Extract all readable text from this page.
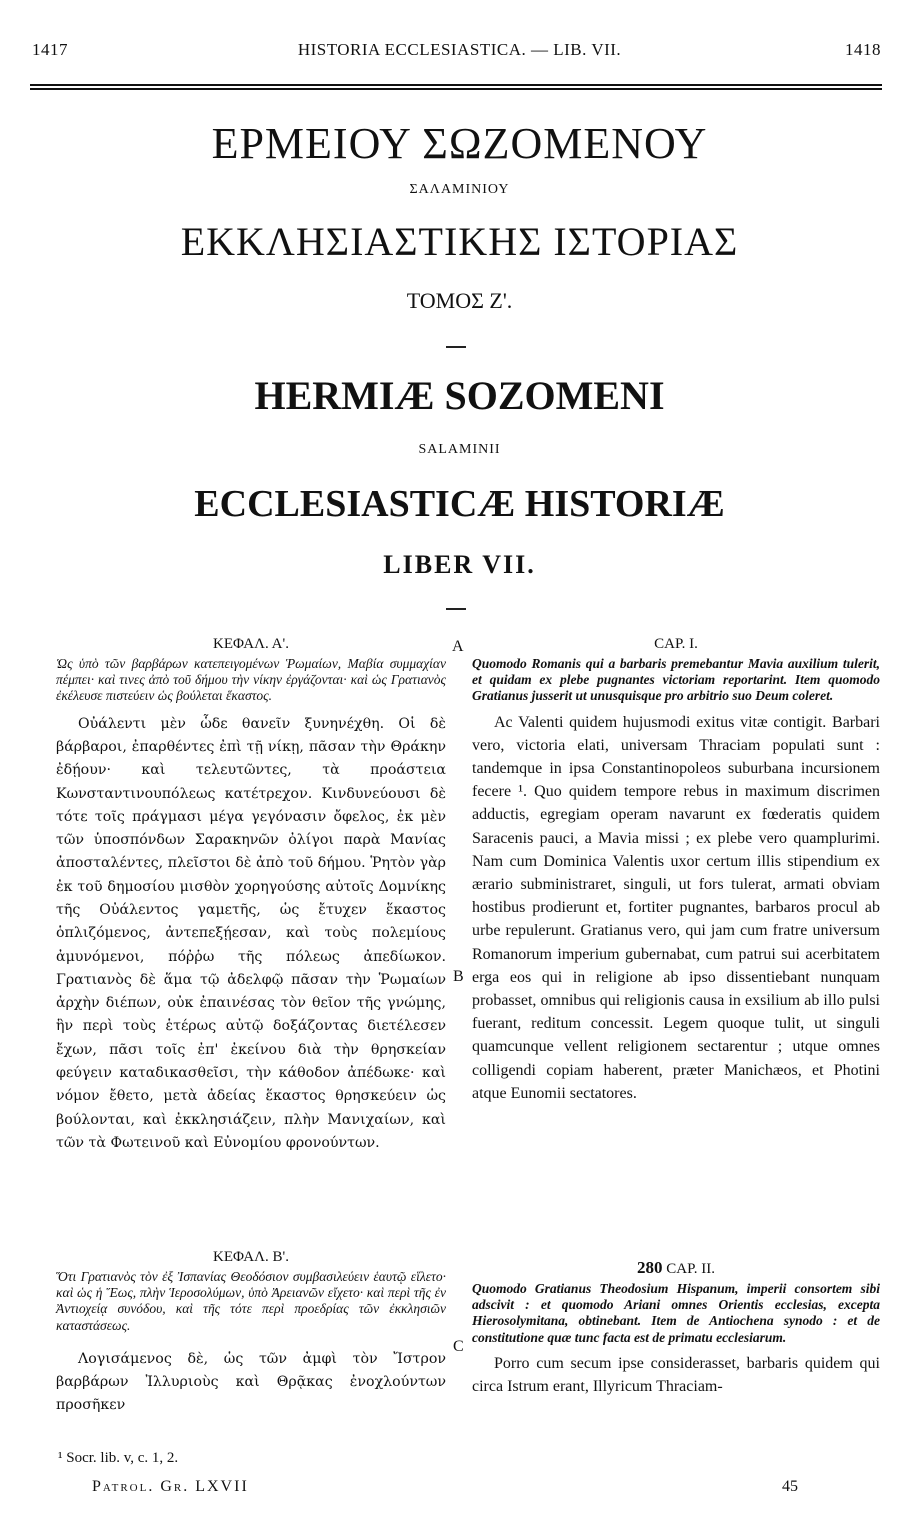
1417	HISTORIA ECCLESIASTICA. — LIB. VII.	1418
ΕΡΜΕΙΟΥ ΣΩΖΟΜΕΝΟΥ
ΣΑΛΑΜΙΝΙΟΥ
ΕΚΚΛΗΣΙΑΣΤΙΚΗΣ ΙΣΤΟΡΙΑΣ
ΤΟΜΟΣ Ζ'.
HERMIÆ SOZOMENI
SALAMINII
ECCLESIASTICÆ HISTORIÆ
LIBER VII.
A
B
C
ΚΕΦΑΛ. Α'.
Ὡς ὑπὸ τῶν βαρβάρων κατεπειγομένων Ῥωμαίων, Μαβία συμμαχίαν πέμπει· καὶ τινες ἀπὸ τοῦ δήμου τὴν νίκην ἐργάζονται· καὶ ὡς Γρατιανὸς ἐκέλευσε πιστεύειν ὡς βούλεται ἕκαστος.

Οὐάλεντι μὲν ὧδε θανεῖν ξυνηνέχθη. Οἱ δὲ βάρβαροι, ἐπαρθέντες ἐπὶ τῇ νίκῃ, πᾶσαν τὴν Θράκην ἐδῄουν· καὶ τελευτῶντες, τὰ προάστεια Κωνσταντινουπόλεως κατέτρεχον. Κινδυνεύουσι δὲ τότε τοῖς πράγμασι μέγα γεγόνασιν ὄφελος, ἐκ μὲν τῶν ὑποσπόνδων Σαρακηνῶν ὀλίγοι παρὰ Μανίας ἀποσταλέντες, πλεῖστοι δὲ ἀπὸ τοῦ δήμου. Ῥητὸν γὰρ ἐκ τοῦ δημοσίου μισθὸν χορηγούσης αὐτοῖς Δομνίκης τῆς Οὐάλεντος γαμετῆς, ὡς ἔτυχεν ἕκαστος ὁπλιζόμενος, ἀντεπεξῄεσαν, καὶ τοὺς πολεμίους ἀμυνόμενοι, πόῤῥω τῆς πόλεως ἀπεδίωκον. Γρατιανὸς δὲ ἅμα τῷ ἀδελφῷ πᾶσαν τὴν Ῥωμαίων ἀρχὴν διέπων, οὐκ ἐπαινέσας τὸν θεῖον τῆς γνώμης, ἣν περὶ τοὺς ἑτέρως αὐτῷ δοξάζοντας διετέλεσεν ἔχων, πᾶσι τοῖς ἐπ' ἐκείνου διὰ τὴν θρησκείαν φεύγειν καταδικασθεῖσι, τὴν κάθοδον ἀπέδωκε· καὶ νόμον ἔθετο, μετὰ ἀδείας ἕκαστος θρησκεύειν ὡς βούλονται, καὶ ἐκκλησιάζειν, πλὴν Μανιχαίων, καὶ τῶν τὰ Φωτεινοῦ καὶ Εὐνομίου φρονούντων.

ΚΕΦΑΛ. Β'.
Ὅτι Γρατιανὸς τὸν ἐξ Ἰσπανίας Θεοδόσιον συμβασιλεύειν ἑαυτῷ εἵλετο· καὶ ὡς ἡ Ἕως, πλὴν Ἱεροσολύμων, ὑπὸ Ἀρειανῶν εἴχετο· καὶ περὶ τῆς ἐν Ἀντιοχείᾳ συνόδου, καὶ τῆς τότε περὶ προεδρίας τῶν ἐκκλησιῶν καταστάσεως.

Λογισάμενος δὲ, ὡς τῶν ἀμφὶ τὸν Ἴστρον βαρβάρων Ἰλλυριοὺς καὶ Θρᾷκας ἐνοχλούντων προσῆκεν

¹ Socr. lib. v, c. 1, 2.
Patrol. Gr. LXVII
CAP. I.
Quomodo Romanis qui a barbaris premebantur Mavia auxilium tulerit, et quidam ex plebe pugnantes victoriam reportarint. Item quomodo Gratianus jusserit ut unusquisque pro arbitrio suo Deum coleret.

Ac Valenti quidem hujusmodi exitus vitæ contigit. Barbari vero, victoria elati, universam Thraciam populati sunt : tandemque in ipsa Constantinopoleos suburbana incursionem fecere ¹. Quo quidem tempore rebus in maximum discrimen adductis, egregiam operam navarunt ex fœderatis quidem Saracenis pauci, a Mavia missi ; ex plebe vero quamplurimi. Nam cum Dominica Valentis uxor certum illis stipendium ex ærario subministraret, singuli, ut fors tulerat, armati obviam hostibus prodierunt et, fortiter pugnantes, barbaros procul ab urbe repulerunt. Gratianus vero, qui jam cum fratre universum Romanorum imperium gubernabat, cum patrui sui acerbitatem erga eos qui in religione ab ipso dissentiebant nunquam probasset, omnibus qui religionis causa in exsilium ab illo pulsi fuerant, reditum concessit. Legem quoque tulit, ut singuli quamcunque vellent religionem sectarentur ; utque omnes colligendi copiam haberent, præter Manichæos, et Photini atque Eunomii sectatores.

280 CAP. II.
Quomodo Gratianus Theodosium Hispanum, imperii consortem sibi adscivit : et quomodo Ariani omnes Orientis ecclesias, excepta Hierosolymitana, obtinebant. Item de Antiochena synodo : et de constitutione quæ tunc facta est de primatu ecclesiarum.

Porro cum secum ipse considerasset, barbaris quidem qui circa Istrum erant, Illyricum Thraciam-

45
